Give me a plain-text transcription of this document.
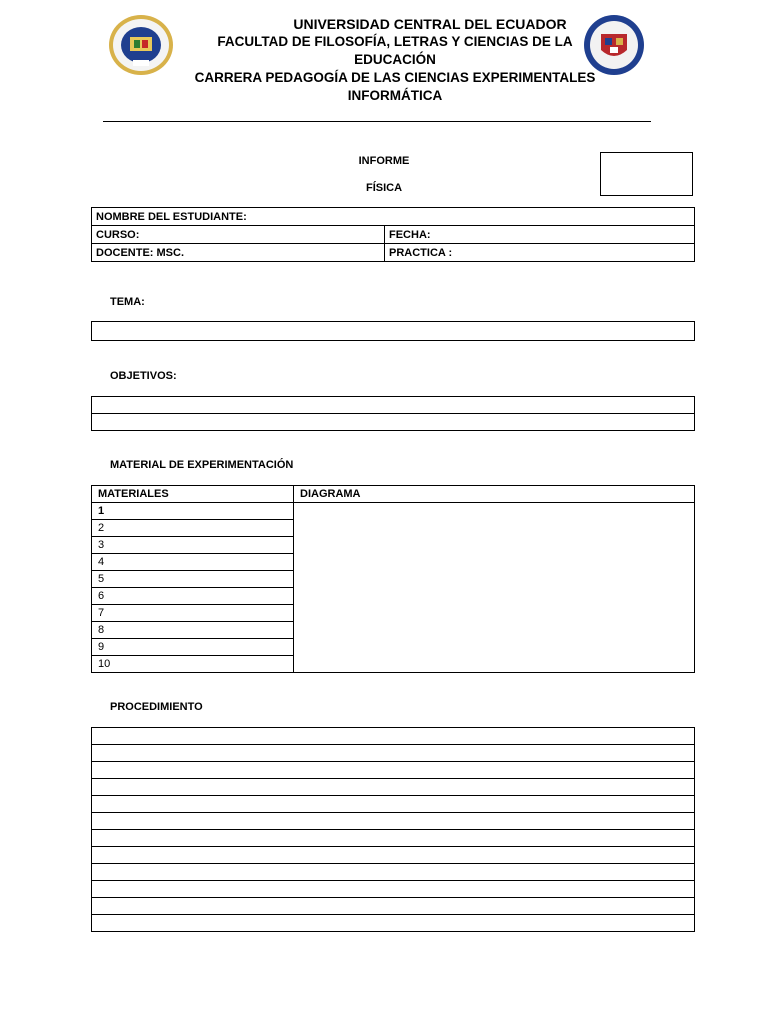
UNIVERSIDAD CENTRAL DEL ECUADOR
FACULTAD DE FILOSOFÍA, LETRAS Y CIENCIAS DE LA
EDUCACIÓN
CARRERA PEDAGOGÍA DE LAS CIENCIAS EXPERIMENTALES
INFORMÁTICA
INFORME
FÍSICA
NOMBRE DEL ESTUDIANTE:	
CURSO:	FECHA:
DOCENTE: MSC.	PRACTICA :
TEMA:
OBJETIVOS:

MATERIAL DE EXPERIMENTACIÓN
MATERIALES	DIAGRAMA
1	
2	
3	
4	
5	
6	
7	
8	
9	
10	
PROCEDIMIENTO
